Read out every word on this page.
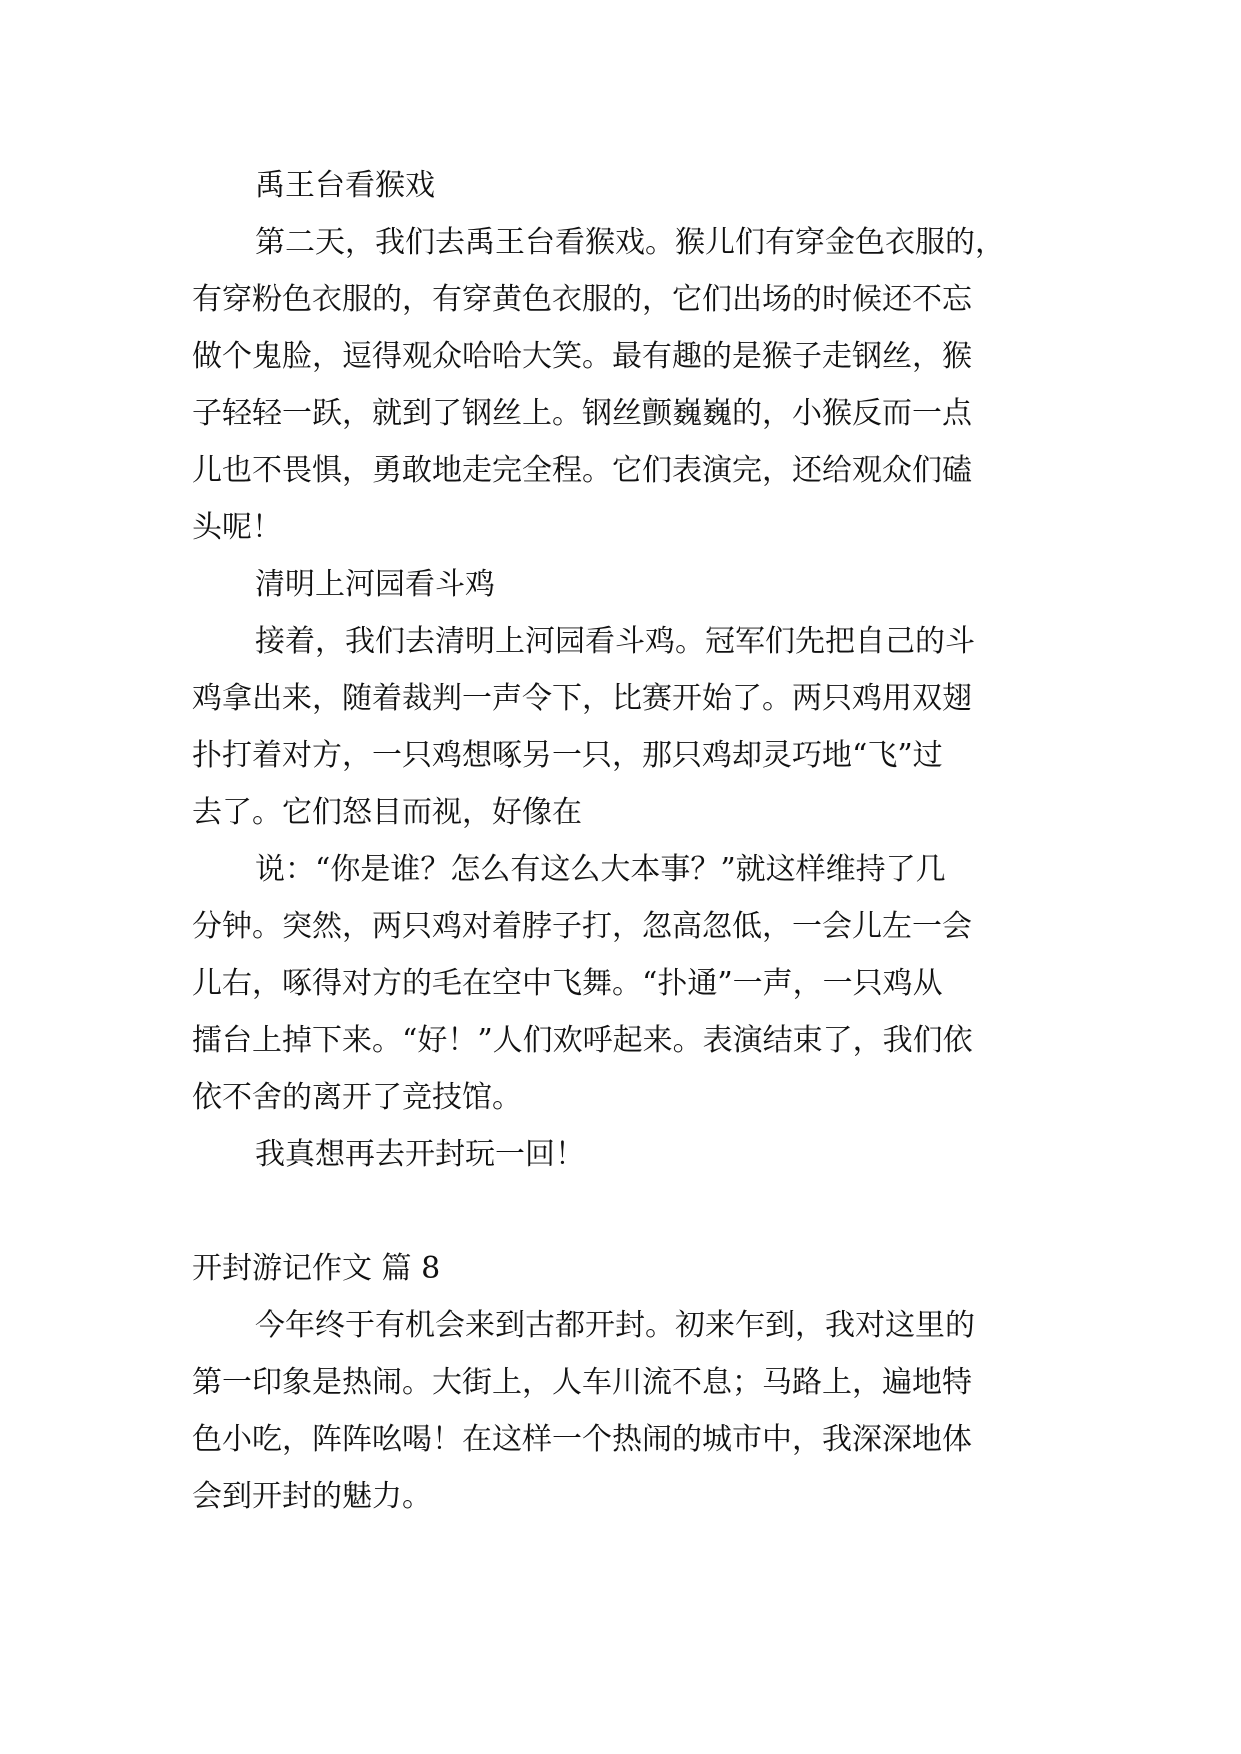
禹王台看猴戏

第二天，我们去禹王台看猴戏。猴儿们有穿金色衣服的，

有穿粉色衣服的，有穿黄色衣服的，它们出场的时候还不忘

做个鬼脸，逗得观众哈哈大笑。最有趣的是猴子走钢丝，猴

子轻轻一跃，就到了钢丝上。钢丝颤巍巍的，小猴反而一点

儿也不畏惧，勇敢地走完全程。它们表演完，还给观众们磕

头呢！

清明上河园看斗鸡

接着，我们去清明上河园看斗鸡。冠军们先把自己的斗

鸡拿出来，随着裁判一声令下，比赛开始了。两只鸡用双翅

扑打着对方，一只鸡想啄另一只，那只鸡却灵巧地“飞”过

去了。它们怒目而视，好像在

说：“你是谁？怎么有这么大本事？”就这样维持了几

分钟。突然，两只鸡对着脖子打，忽高忽低，一会儿左一会

儿右，啄得对方的毛在空中飞舞。“扑通”一声，一只鸡从

擂台上掉下来。“好！”人们欢呼起来。表演结束了，我们依

依不舍的离开了竞技馆。

我真想再去开封玩一回！

开封游记作文 篇 8

今年终于有机会来到古都开封。初来乍到，我对这里的

第一印象是热闹。大街上，人车川流不息；马路上，遍地特

色小吃，阵阵吆喝！在这样一个热闹的城市中，我深深地体

会到开封的魅力。
